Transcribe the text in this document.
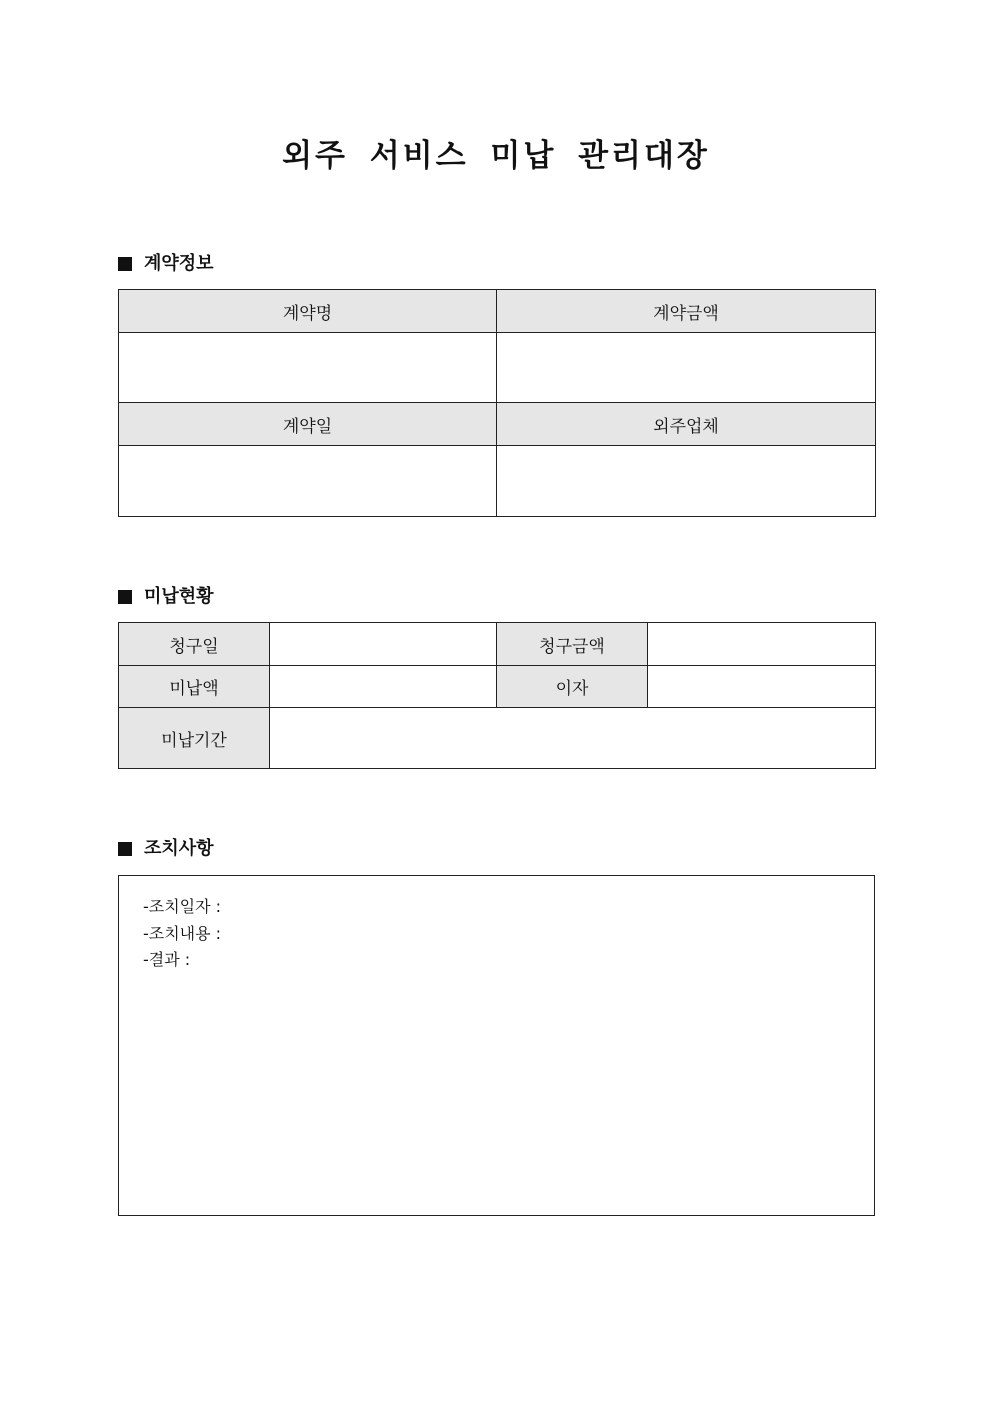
외주 서비스 미납 관리대장
계약정보
계약명	계약금액

계약일	외주업체

미납현황
청구일		청구금액	
미납액		이자	
미납기간			
조치사항
-조치일자 :
-조치내용 :
-결과 :
